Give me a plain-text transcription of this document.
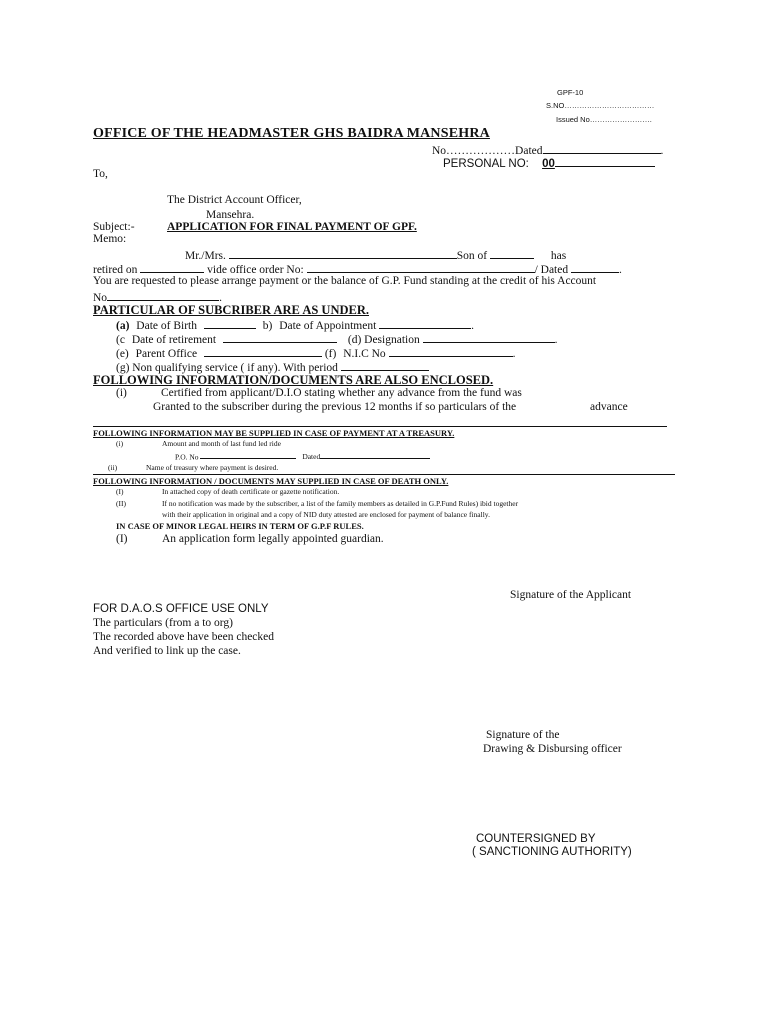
GPF-10
S.NO………………………………
Issued No…………………….
OFFICE OF THE HEADMASTER GHS BAIDRA MANSEHRA
No………………Dated	.
PERSONAL NO: 00
To,
The District Account Officer,
Mansehra.
Subject:-	APPLICATION FOR FINAL PAYMENT OF GPF.
Memo:
Mr./Mrs.	Son of	has
retired on	vide office order No:	/ Dated	.
You are requested to please arrange payment or the balance of G.P. Fund standing at the credit of his Account
No	.
PARTICULAR OF SUBCRIBER ARE AS UNDER.
(a) Date of Birth	b) Date of Appointment	.
(c Date of retirement	(d) Designation	.
(e) Parent Office	(f) N.I.C No	.
(g) Non qualifying service ( if any). With period
FOLLOWING INFORMATION/DOCUMENTS ARE ALSO ENCLOSED.
(i)	Certified from applicant/D.I.O stating whether any advance from the fund was
Granted to the subscriber during the previous 12 months if so particulars of the	advance
FOLLOWING INFORMATION MAY BE SUPPLIED IN CASE OF PAYMENT AT A TREASURY.
(i)	Amount and month of last fund led ride
P.O. No	Dated
(ii)	Name of treasury where payment is desired.
FOLLOWING INFORMATION / DOCUMENTS MAY SUPPLIED IN CASE OF DEATH ONLY.
(I)	In attached copy of death certificate or gazette notification.
(II)	If no notification was made by the subscriber, a list of the family members as detailed in G.P.Fund Rules) ibid together
with their application in original and a copy of NID duty attested are enclosed for payment of balance finally.
IN CASE OF MINOR LEGAL HEIRS IN TERM OF G.P.F RULES.
(I)	An application form legally appointed guardian.
Signature of the Applicant
FOR D.A.O.S OFFICE USE ONLY
The particulars (from a to org)
The recorded above have been checked
And verified to link up the case.
Signature of the
Drawing & Disbursing officer
COUNTERSIGNED BY
( SANCTIONING AUTHORITY)
